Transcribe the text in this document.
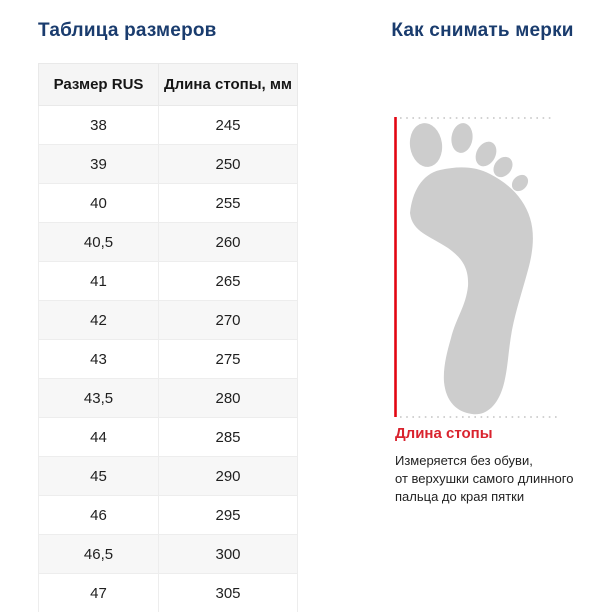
Таблица размеров	Как снимать мерки
Размер RUS	Длина стопы, мм
38	245
39	250
40	255
40,5	260
41	265
42	270
43	275
43,5	280
44	285
45	290
46	295
46,5	300
47	305
Длина стопы
Измеряется без обуви,
от верхушки самого длинного
пальца до края пятки
